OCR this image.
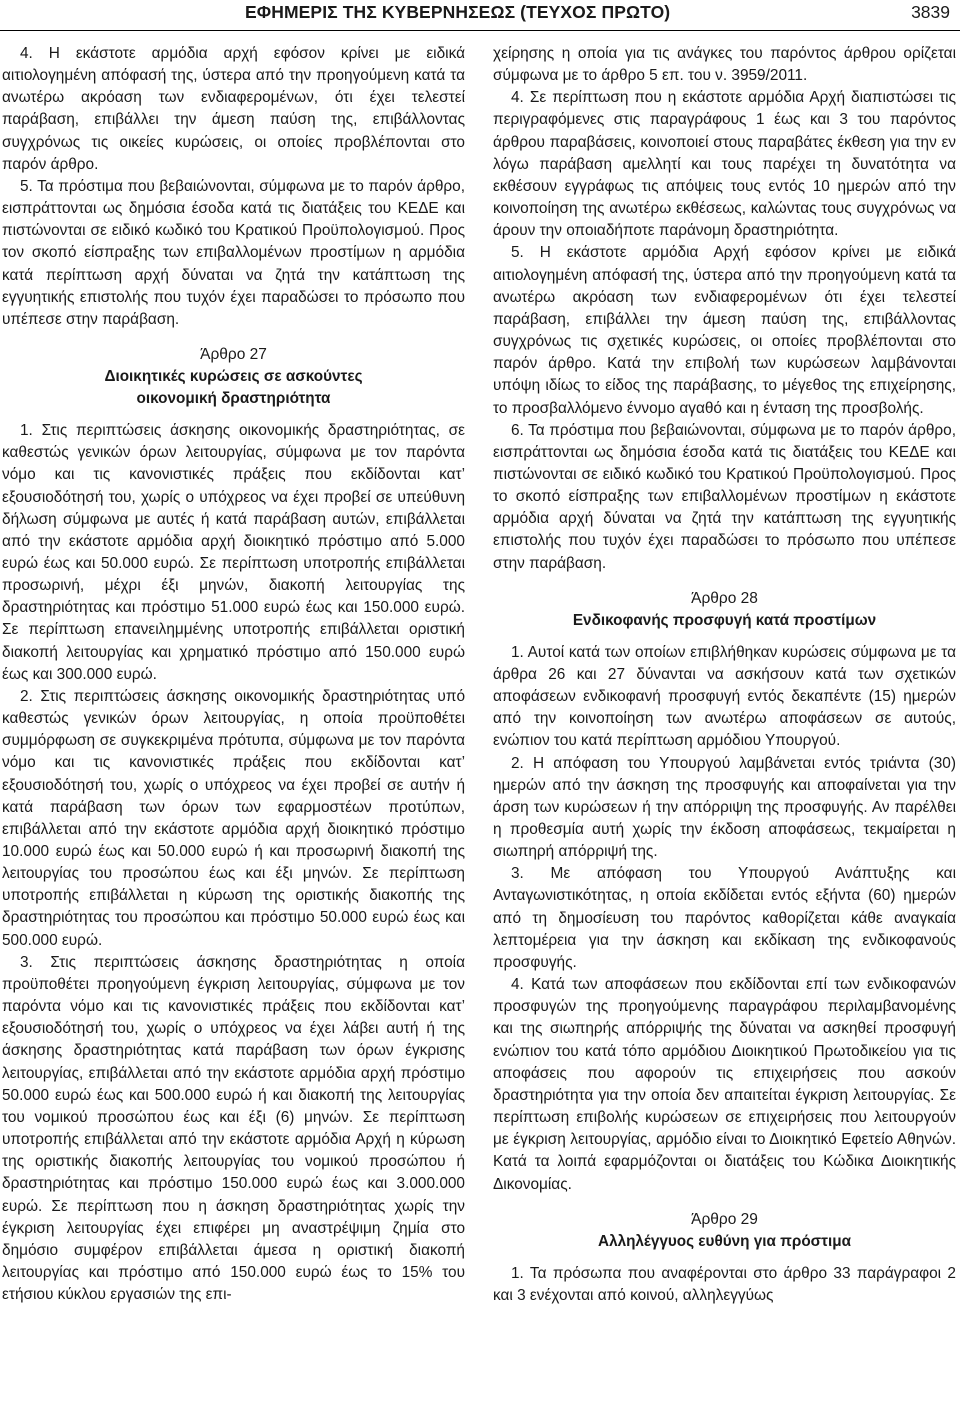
ΕΦΗΜΕΡΙΣ ΤΗΣ ΚΥΒΕΡΝΗΣΕΩΣ (ΤΕΥΧΟΣ ΠΡΩΤΟ)	3839

4. Η εκάστοτε αρμόδια αρχή εφόσον κρίνει με ειδικά αιτιολογημένη απόφασή της, ύστερα από την προηγούμενη κατά τα ανωτέρω ακρόαση των ενδιαφερομένων, ότι έχει τελεστεί παράβαση, επιβάλλει την άμεση παύση της, επιβάλλοντας συγχρόνως τις οικείες κυρώσεις, οι οποίες προβλέπονται στο παρόν άρθρο.

5. Τα πρόστιμα που βεβαιώνονται, σύμφωνα με το παρόν άρθρο, εισπράττονται ως δημόσια έσοδα κατά τις διατάξεις του ΚΕΔΕ και πιστώνονται σε ειδικό κωδικό του Κρατικού Προϋπολογισμού. Προς τον σκοπό είσπραξης των επιβαλλομένων προστίμων η αρμόδια κατά περίπτωση αρχή δύναται να ζητά την κατάπτωση της εγγυητικής επιστολής που τυχόν έχει παραδώσει το πρόσωπο που υπέπεσε στην παράβαση.

Άρθρο 27
Διοικητικές κυρώσεις σε ασκούντες
οικονομική δραστηριότητα

1. Στις περιπτώσεις άσκησης οικονομικής δραστηριότητας, σε καθεστώς γενικών όρων λειτουργίας, σύμφωνα με τον παρόντα νόμο και τις κανονιστικές πράξεις που εκδίδονται κατ’ εξουσιοδότησή του, χωρίς ο υπόχρεος να έχει προβεί σε υπεύθυνη δήλωση σύμφωνα με αυτές ή κατά παράβαση αυτών, επιβάλλεται από την εκάστοτε αρμόδια αρχή διοικητικό πρόστιμο από 5.000 ευρώ έως και 50.000 ευρώ. Σε περίπτωση υποτροπής επιβάλλεται προσωρινή, μέχρι έξι μηνών, διακοπή λειτουργίας της δραστηριότητας και πρόστιμο 51.000 ευρώ έως και 150.000 ευρώ. Σε περίπτωση επανειλημμένης υποτροπής επιβάλλεται οριστική διακοπή λειτουργίας και χρηματικό πρόστιμο από 150.000 ευρώ έως και 300.000 ευρώ.

2. Στις περιπτώσεις άσκησης οικονομικής δραστηριότητας υπό καθεστώς γενικών όρων λειτουργίας, η οποία προϋποθέτει συμμόρφωση σε συγκεκριμένα πρότυπα, σύμφωνα με τον παρόντα νόμο και τις κανονιστικές πράξεις που εκδίδονται κατ’ εξουσιοδότησή του, χωρίς ο υπόχρεος να έχει προβεί σε αυτήν ή κατά παράβαση των όρων των εφαρμοστέων προτύπων, επιβάλλεται από την εκάστοτε αρμόδια αρχή διοικητικό πρόστιμο 10.000 ευρώ έως και 50.000 ευρώ ή και προσωρινή διακοπή της λειτουργίας του προσώπου έως και έξι μηνών. Σε περίπτωση υποτροπής επιβάλλεται η κύρωση της οριστικής διακοπής της δραστηριότητας του προσώπου και πρόστιμο 50.000 ευρώ έως και 500.000 ευρώ.

3. Στις περιπτώσεις άσκησης δραστηριότητας η οποία προϋποθέτει προηγούμενη έγκριση λειτουργίας, σύμφωνα με τον παρόντα νόμο και τις κανονιστικές πράξεις που εκδίδονται κατ’ εξουσιοδότησή του, χωρίς ο υπόχρεος να έχει λάβει αυτή ή της άσκησης δραστηριότητας κατά παράβαση των όρων έγκρισης λειτουργίας, επιβάλλεται από την εκάστοτε αρμόδια αρχή πρόστιμο 50.000 ευρώ έως και 500.000 ευρώ ή και διακοπή της λειτουργίας του νομικού προσώπου έως και έξι (6) μηνών. Σε περίπτωση υποτροπής επιβάλλεται από την εκάστοτε αρμόδια Αρχή η κύρωση της οριστικής διακοπής λειτουργίας του νομικού προσώπου ή δραστηριότητας και πρόστιμο 150.000 ευρώ έως και 3.000.000 ευρώ. Σε περίπτωση που η άσκηση δραστηριότητας χωρίς την έγκριση λειτουργίας έχει επιφέρει μη αναστρέψιμη ζημία στο δημόσιο συμφέρον επιβάλλεται άμεσα η οριστική διακοπή λειτουργίας και πρόστιμο από 150.000 ευρώ έως το 15% του ετήσιου κύκλου εργασιών της επι-

χείρησης η οποία για τις ανάγκες του παρόντος άρθρου ορίζεται σύμφωνα με το άρθρο 5 επ. του ν. 3959/2011.

4. Σε περίπτωση που η εκάστοτε αρμόδια Αρχή διαπιστώσει τις περιγραφόμενες στις παραγράφους 1 έως και 3 του παρόντος άρθρου παραβάσεις, κοινοποιεί στους παραβάτες έκθεση για την εν λόγω παράβαση αμελλητί και τους παρέχει τη δυνατότητα να εκθέσουν εγγράφως τις απόψεις τους εντός 10 ημερών από την κοινοποίηση της ανωτέρω εκθέσεως, καλώντας τους συγχρόνως να άρουν την οποιαδήποτε παράνομη δραστηριότητα.

5. Η εκάστοτε αρμόδια Αρχή εφόσον κρίνει με ειδικά αιτιολογημένη απόφασή της, ύστερα από την προηγούμενη κατά τα ανωτέρω ακρόαση των ενδιαφερομένων ότι έχει τελεστεί παράβαση, επιβάλλει την άμεση παύση της, επιβάλλοντας συγχρόνως τις σχετικές κυρώσεις, οι οποίες προβλέπονται στο παρόν άρθρο. Κατά την επιβολή των κυρώσεων λαμβάνονται υπόψη ιδίως το είδος της παράβασης, το μέγεθος της επιχείρησης, το προσβαλλόμενο έννομο αγαθό και η ένταση της προσβολής.

6. Τα πρόστιμα που βεβαιώνονται, σύμφωνα με το παρόν άρθρο, εισπράττονται ως δημόσια έσοδα κατά τις διατάξεις του ΚΕΔΕ και πιστώνονται σε ειδικό κωδικό του Κρατικού Προϋπολογισμού. Προς το σκοπό είσπραξης των επιβαλλομένων προστίμων η εκάστοτε αρμόδια αρχή δύναται να ζητά την κατάπτωση της εγγυητικής επιστολής που τυχόν έχει παραδώσει το πρόσωπο που υπέπεσε στην παράβαση.

Άρθρο 28
Ενδικοφανής προσφυγή κατά προστίμων

1. Αυτοί κατά των οποίων επιβλήθηκαν κυρώσεις σύμφωνα με τα άρθρα 26 και 27 δύνανται να ασκήσουν κατά των σχετικών αποφάσεων ενδικοφανή προσφυγή εντός δεκαπέντε (15) ημερών από την κοινοποίηση των ανωτέρω αποφάσεων σε αυτούς, ενώπιον του κατά περίπτωση αρμόδιου Υπουργού.

2. Η απόφαση του Υπουργού λαμβάνεται εντός τριάντα (30) ημερών από την άσκηση της προσφυγής και αποφαίνεται για την άρση των κυρώσεων ή την απόρριψη της προσφυγής. Αν παρέλθει η προθεσμία αυτή χωρίς την έκδοση αποφάσεως, τεκμαίρεται η σιωπηρή απόρριψή της.

3. Με απόφαση του Υπουργού Ανάπτυξης και Ανταγωνιστικότητας, η οποία εκδίδεται εντός εξήντα (60) ημερών από τη δημοσίευση του παρόντος καθορίζεται κάθε αναγκαία λεπτομέρεια για την άσκηση και εκδίκαση της ενδικοφανούς προσφυγής.

4. Κατά των αποφάσεων που εκδίδονται επί των ενδικοφανών προσφυγών της προηγούμενης παραγράφου περιλαμβανομένης και της σιωπηρής απόρριψής της δύναται να ασκηθεί προσφυγή ενώπιον του κατά τόπο αρμόδιου Διοικητικού Πρωτοδικείου για τις αποφάσεις που αφορούν τις επιχειρήσεις που ασκούν δραστηριότητα για την οποία δεν απαιτείται έγκριση λειτουργίας. Σε περίπτωση επιβολής κυρώσεων σε επιχειρήσεις που λειτουργούν με έγκριση λειτουργίας, αρμόδιο είναι το Διοικητικό Εφετείο Αθηνών. Κατά τα λοιπά εφαρμόζονται οι διατάξεις του Κώδικα Διοικητικής Δικονομίας.

Άρθρο 29
Αλληλέγγυος ευθύνη για πρόστιμα

1. Τα πρόσωπα που αναφέρονται στο άρθρο 33 παράγραφοι 2 και 3 ενέχονται από κοινού, αλληλεγγύως
